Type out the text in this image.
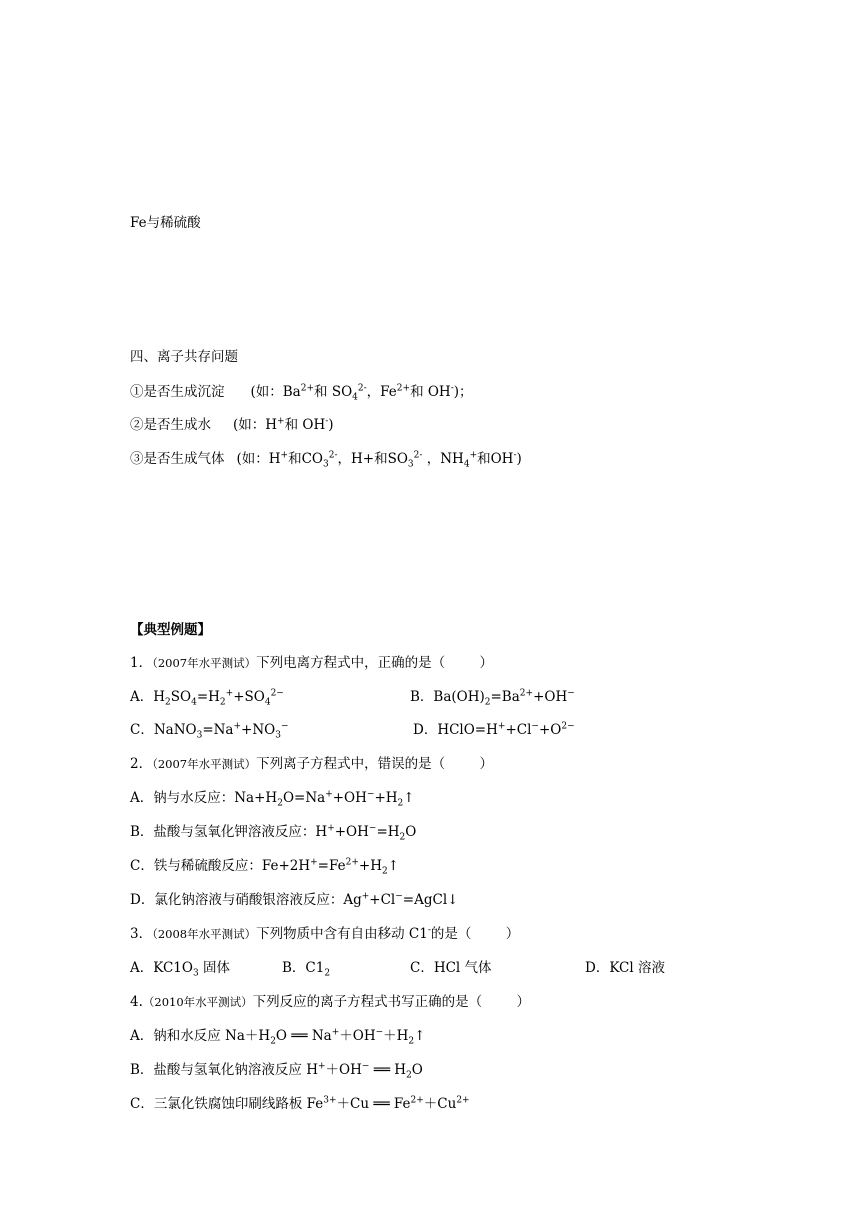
Fe与稀硫酸
四、离子共存问题
①是否生成沉淀 (如：$Ba^{2+}$和 $SO_4^{2-}$，$Fe^{2+}$和 OH-)；
②是否生成水 (如：H+和 OH-)
③是否生成气体 (如：H+和$CO_3^{2-}$，H+和$SO_3^{2-}$ ，$NH_4^+$和OH-)
【典型例题】
1．（2007年水平测试）下列电离方程式中，正确的是（        ）
A．$H_2SO_4=H_2^++SO_4^{2-}$	B．$Ba(OH)_2=Ba^{2+}+OH^-$
C．$NaNO_3=Na^++NO_3^-$	D．$HClO=H^++Cl^-+O^{2-}$
2．（2007年水平测试）下列离子方程式中，错误的是（        ）
A．钠与水反应：$Na+H_2O=Na^++OH^-+H_2↑$
B．盐酸与氢氧化钾溶液反应：$H^++OH^-=H_2O$
C．铁与稀硫酸反应：$Fe+2H^+=Fe^{2+}+H_2↑$
D．氯化钠溶液与硝酸银溶液反应：Ag++Cl−=AgCl↓
3．（2008年水平测试）下列物质中含有自由移动 C1-的是（        ）
A．$KC1O_3$ 固体	B．$C1_2$	C．HCl 气体	D．KCl 溶液
4.（2010年水平测试）下列反应的离子方程式书写正确的是（        ）
A．钠和水反应 $Na+H_2O$ ══ $Na^++OH^-+H_2↑$
B．盐酸与氢氧化钠溶液反应 H+＋OH− ══ $H_2O$
C．三氯化铁腐蚀印刷线路板 $Fe^{3+}+Cu$ ══ $Fe^{2+}+Cu^{2+}$
